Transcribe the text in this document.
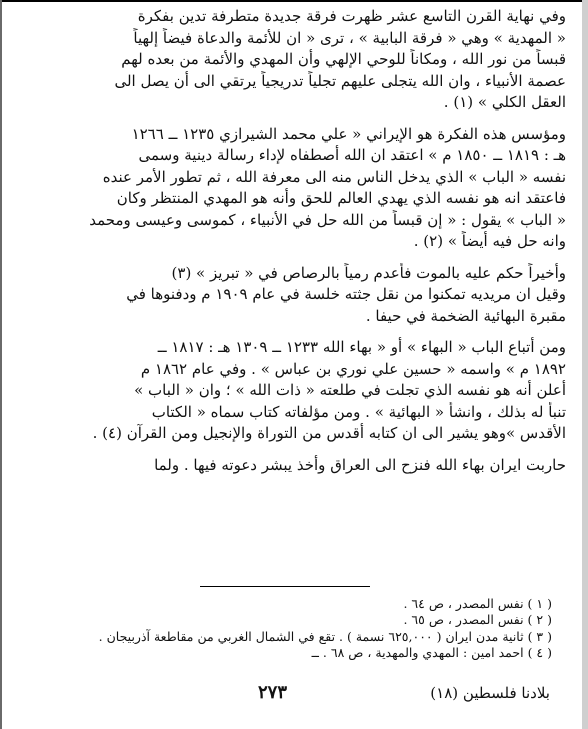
وفي نهاية القرن التاسع عشر ظهرت فرقة جديدة متطرفة تدين بفكرة
« المهدية » وهي « فرقة البابية » ، ترى « ان للأئمة والدعاة فيضاً إلهياً
قبساً من نور الله ، ومكاناً للوحي الإلهي وأن المهدي والأئمة من بعده لهم
عصمة الأنبياء ، وان الله يتجلى عليهم تجلياً تدريجياً يرتقي الى أن يصل الى
العقل الكلي » (١) .

ومؤسس هذه الفكرة هو الإيراني « علي محمد الشيرازي ١٢٣٥ ــ ١٢٦٦
هـ : ١٨١٩ ــ ١٨٥٠ م » اعتقد ان الله أصطفاه لإداء رسالة دينية وسمى
نفسه « الباب » الذي يدخل الناس منه الى معرفة الله ، ثم تطور الأمر عنده
فاعتقد انه هو نفسه الذي يهدي العالم للحق وأنه هو المهدي المنتظر وكان
« الباب » يقول : « إن قبساً من الله حل في الأنبياء ، كموسى وعيسى ومحمد
وانه حل فيه أيضاً » (٢) .

وأخيراً حكم عليه بالموت فأعدم رمياً بالرصاص في « تبريز » (٣)
وقيل ان مريديه تمكنوا من نقل جثته خلسة في عام ١٩٠٩ م ودفنوها في
مقبرة البهائية الضخمة في حيفا .

ومن أتباع الباب « البهاء » أو « بهاء الله ١٢٣٣ ــ ١٣٠٩ هـ : ١٨١٧ ــ
١٨٩٢ م » واسمه « حسين علي نوري بن عباس » . وفي عام ١٨٦٢ م
أعلن أنه هو نفسه الذي تجلت في طلعته « ذات الله » ؛ وان « الباب »
تنبأ له بذلك ، وانشأ « البهائية » . ومن مؤلفاته كتاب سماه « الكتاب
الأقدس »وهو يشير الى ان كتابه أقدس من التوراة والإنجيل ومن القرآن (٤) .

حاربت ايران بهاء الله فنزح الى العراق وأخذ يبشر دعوته فيها . ولما

( ١ ) نفس المصدر ، ص ٦٤ .
( ٢ ) نفس المصدر ، ص ٦٥ .
( ٣ ) ثانية مدن ايران ( ٦٢٥,٠٠٠ نسمة ) . تقع في الشمال الغربي من مقاطعة آذربيجان .
( ٤ ) احمد امين : المهدي والمهدية ، ص ٦٨ . ــ
بلادنا فلسطين (١٨)
٢٧٣
